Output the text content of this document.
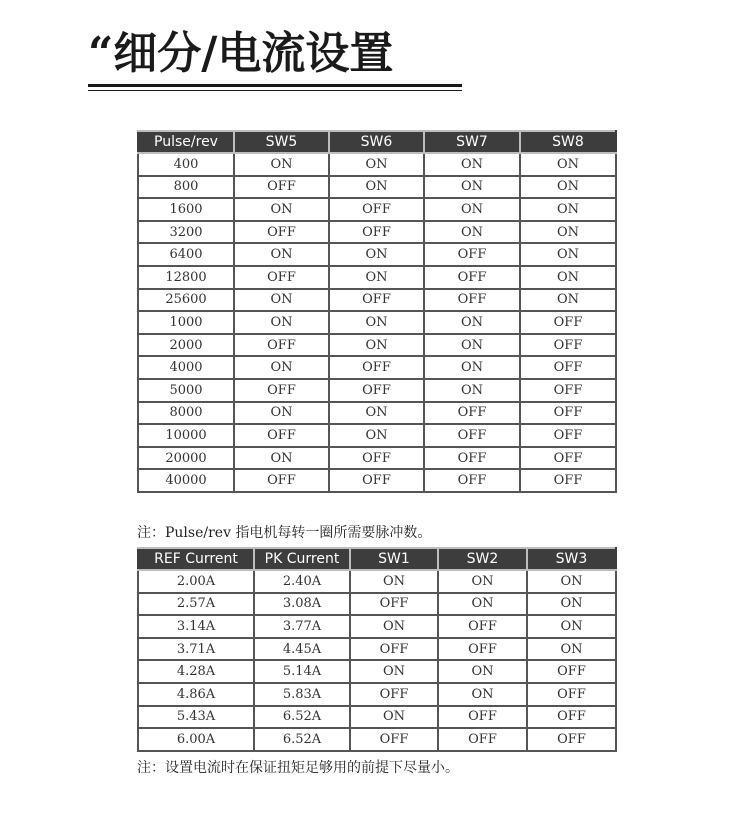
“细分/电流设置
Pulse/rev	SW5	SW6	SW7	SW8
400	ON	ON	ON	ON
800	OFF	ON	ON	ON
1600	ON	OFF	ON	ON
3200	OFF	OFF	ON	ON
6400	ON	ON	OFF	ON
12800	OFF	ON	OFF	ON
25600	ON	OFF	OFF	ON
1000	ON	ON	ON	OFF
2000	OFF	ON	ON	OFF
4000	ON	OFF	ON	OFF
5000	OFF	OFF	ON	OFF
8000	ON	ON	OFF	OFF
10000	OFF	ON	OFF	OFF
20000	ON	OFF	OFF	OFF
40000	OFF	OFF	OFF	OFF
注：Pulse/rev 指电机每转一圈所需要脉冲数。
REF Current	PK Current	SW1	SW2	SW3
2.00A	2.40A	ON	ON	ON
2.57A	3.08A	OFF	ON	ON
3.14A	3.77A	ON	OFF	ON
3.71A	4.45A	OFF	OFF	ON
4.28A	5.14A	ON	ON	OFF
4.86A	5.83A	OFF	ON	OFF
5.43A	6.52A	ON	OFF	OFF
6.00A	6.52A	OFF	OFF	OFF
注：设置电流时在保证扭矩足够用的前提下尽量小。
